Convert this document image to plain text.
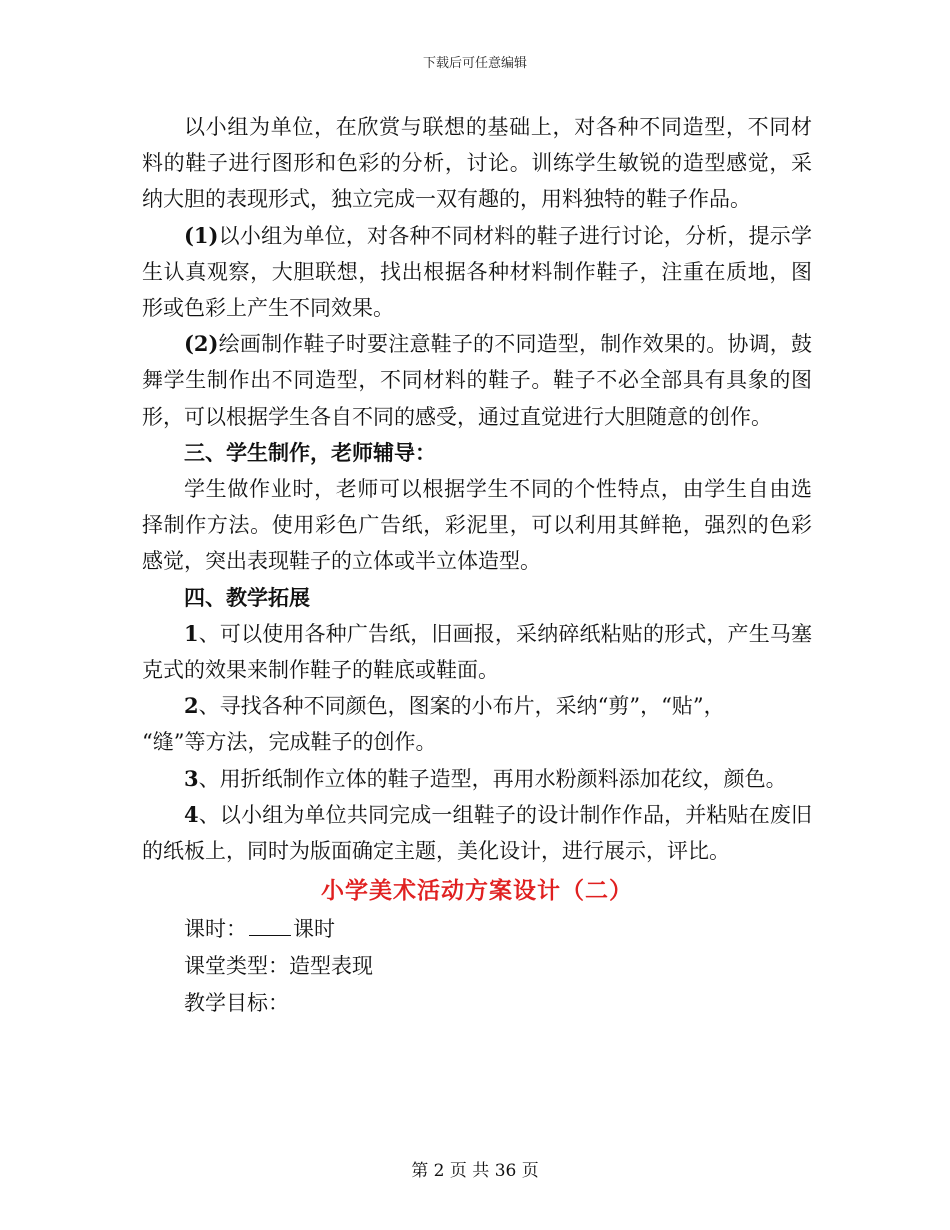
下载后可任意编辑

以小组为单位，在欣赏与联想的基础上，对各种不同造型，不同材料的鞋子进行图形和色彩的分析，讨论。训练学生敏锐的造型感觉，采纳大胆的表现形式，独立完成一双有趣的，用料独特的鞋子作品。

(1)以小组为单位，对各种不同材料的鞋子进行讨论，分析，提示学生认真观察，大胆联想，找出根据各种材料制作鞋子，注重在质地，图形或色彩上产生不同效果。

(2)绘画制作鞋子时要注意鞋子的不同造型，制作效果的。协调，鼓舞学生制作出不同造型，不同材料的鞋子。鞋子不必全部具有具象的图形，可以根据学生各自不同的感受，通过直觉进行大胆随意的创作。

三、学生制作，老师辅导：

学生做作业时，老师可以根据学生不同的个性特点，由学生自由选择制作方法。使用彩色广告纸，彩泥里，可以利用其鲜艳，强烈的色彩感觉，突出表现鞋子的立体或半立体造型。

四、教学拓展

1、可以使用各种广告纸，旧画报，采纳碎纸粘贴的形式，产生马塞克式的效果来制作鞋子的鞋底或鞋面。

2、寻找各种不同颜色，图案的小布片，采纳“剪”，“贴”，

“缝”等方法，完成鞋子的创作。

3、用折纸制作立体的鞋子造型，再用水粉颜料添加花纹，颜色。

4、以小组为单位共同完成一组鞋子的设计制作作品，并粘贴在废旧的纸板上，同时为版面确定主题，美化设计，进行展示，评比。

小学美术活动方案设计（二）

课时： 课时

课堂类型：造型表现

教学目标：

第 2 页 共 36 页
